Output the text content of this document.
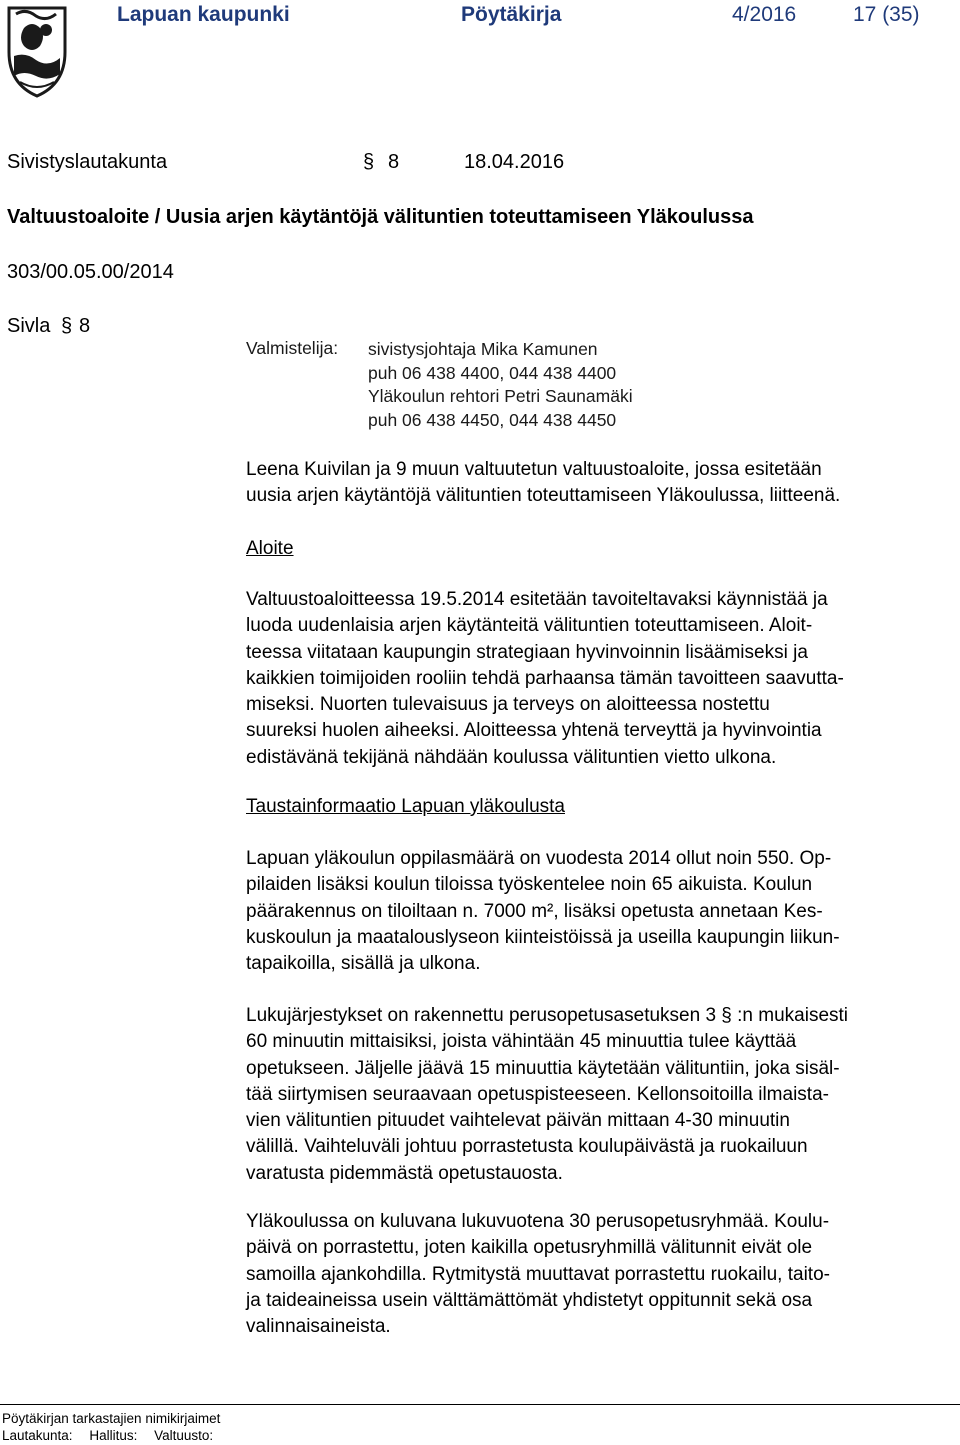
Lapuan kaupunki	Pöytäkirja	4/2016	17 (35)
Sivistyslautakunta	§ 8	18.04.2016
Valtuustoaloite / Uusia arjen käytäntöjä välituntien toteuttamiseen Yläkoulussa
303/00.05.00/2014
Sivla § 8
Valmistelija: sivistysjohtaja Mika Kamunen
puh 06 438 4400, 044 438 4400
Yläkoulun rehtori Petri Saunamäki
puh 06 438 4450, 044 438 4450

Leena Kuivilan ja 9 muun valtuutetun valtuustoaloite, jossa esitetään

uusia arjen käytäntöjä välituntien toteuttamiseen Yläkoulussa, liitteenä.

Aloite

Valtuustoaloitteessa 19.5.2014 esitetään tavoiteltavaksi käynnistää ja

luoda uudenlaisia arjen käytänteitä välituntien toteuttamiseen. Aloit-

teessa viitataan kaupungin strategiaan hyvinvoinnin lisäämiseksi ja

kaikkien toimijoiden rooliin tehdä parhaansa tämän tavoitteen saavutta-

miseksi. Nuorten tulevaisuus ja terveys on aloitteessa nostettu

suureksi huolen aiheeksi. Aloitteessa yhtenä terveyttä ja hyvinvointia

edistävänä tekijänä nähdään koulussa välituntien vietto ulkona.

Taustainformaatio Lapuan yläkoulusta

Lapuan yläkoulun oppilasmäärä on vuodesta 2014 ollut noin 550. Op-

pilaiden lisäksi koulun tiloissa työskentelee noin 65 aikuista. Koulun

päärakennus on tiloiltaan n. 7000 m², lisäksi opetusta annetaan Kes-

kuskoulun ja maatalouslyseon kiinteistöissä ja useilla kaupungin liikun-

tapaikoilla, sisällä ja ulkona.

Lukujärjestykset on rakennettu perusopetusasetuksen 3 § :n mukaisesti

60 minuutin mittaisiksi, joista vähintään 45 minuuttia tulee käyttää

opetukseen. Jäljelle jäävä 15 minuuttia käytetään välituntiin, joka sisäl-

tää siirtymisen seuraavaan opetuspisteeseen. Kellonsoitoilla ilmaista-

vien välituntien pituudet vaihtelevat päivän mittaan 4-30 minuutin

välillä. Vaihteluväli johtuu porrastetusta koulupäivästä ja ruokailuun

varatusta pidemmästä opetustauosta.

Yläkoulussa on kuluvana lukuvuotena 30 perusopetusryhmää. Koulu-

päivä on porrastettu, joten kaikilla opetusryhmillä välitunnit eivät ole

samoilla ajankohdilla. Rytmitystä muuttavat porrastettu ruokailu, taito-

ja taideaineissa usein välttämättömät yhdistetyt oppitunnit sekä osa

valinnaisaineista.

Pöytäkirjan tarkastajien nimikirjaimet
Lautakunta: Hallitus: Valtuusto:
